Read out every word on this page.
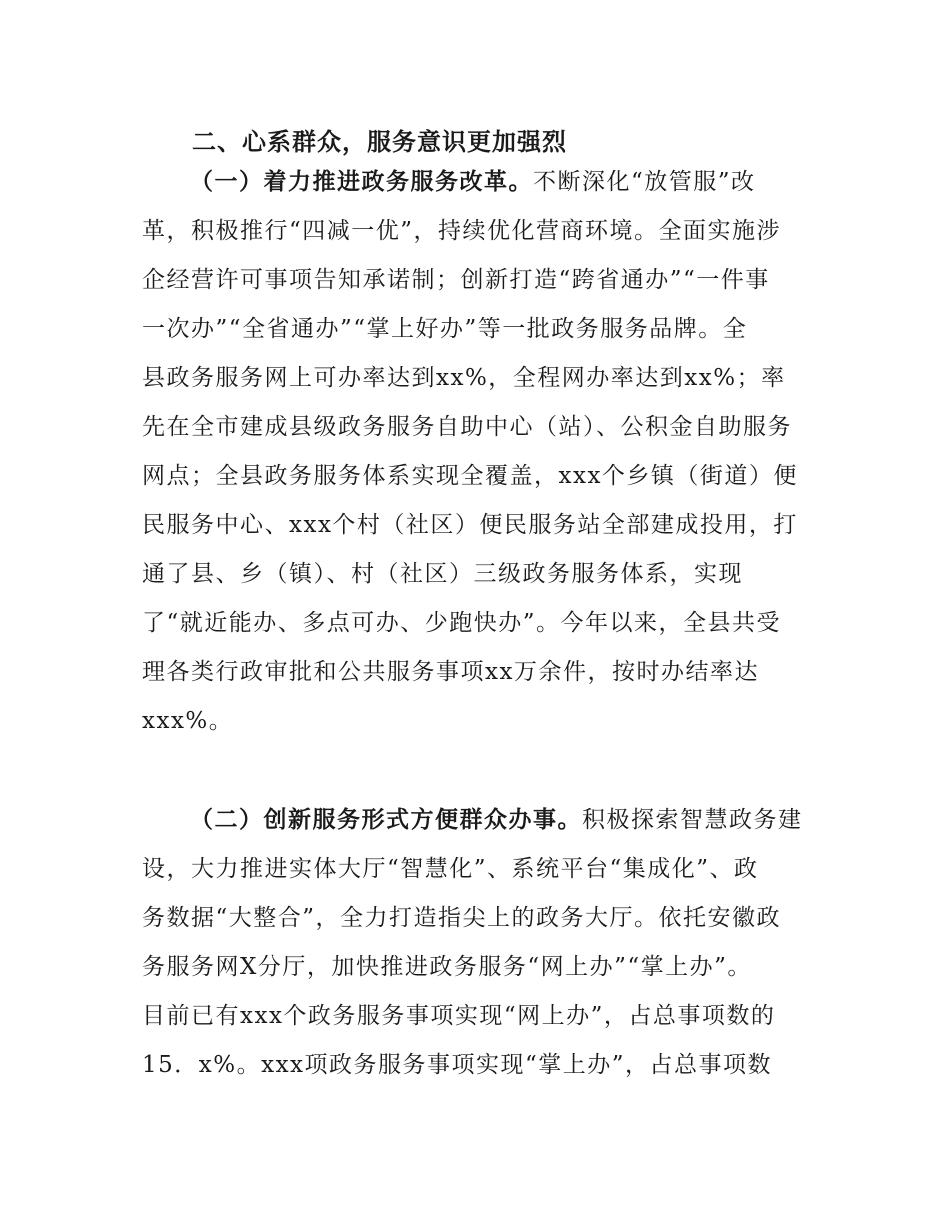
二、心系群众，服务意识更加强烈
（一）着力推进政务服务改革。不断深化“放管服”改
革，积极推行“四减一优”，持续优化营商环境。全面实施涉
企经营许可事项告知承诺制；创新打造“跨省通办”“一件事
一次办”“全省通办”“掌上好办”等一批政务服务品牌。全
县政务服务网上可办率达到xx%，全程网办率达到xx%；率
先在全市建成县级政务服务自助中心（站）、公积金自助服务
网点；全县政务服务体系实现全覆盖，xxx个乡镇（街道）便
民服务中心、xxx个村（社区）便民服务站全部建成投用，打
通了县、乡（镇）、村（社区）三级政务服务体系，实现
了“就近能办、多点可办、少跑快办”。今年以来，全县共受
理各类行政审批和公共服务事项xx万余件，按时办结率达
xxx%。
（二）创新服务形式方便群众办事。积极探索智慧政务建
设，大力推进实体大厅“智慧化”、系统平台“集成化”、政
务数据“大整合”，全力打造指尖上的政务大厅。依托安徽政
务服务网X分厅，加快推进政务服务“网上办”“掌上办”。
目前已有xxx个政务服务事项实现“网上办”，占总事项数的
15．x%。xxx项政务服务事项实现“掌上办”，占总事项数
